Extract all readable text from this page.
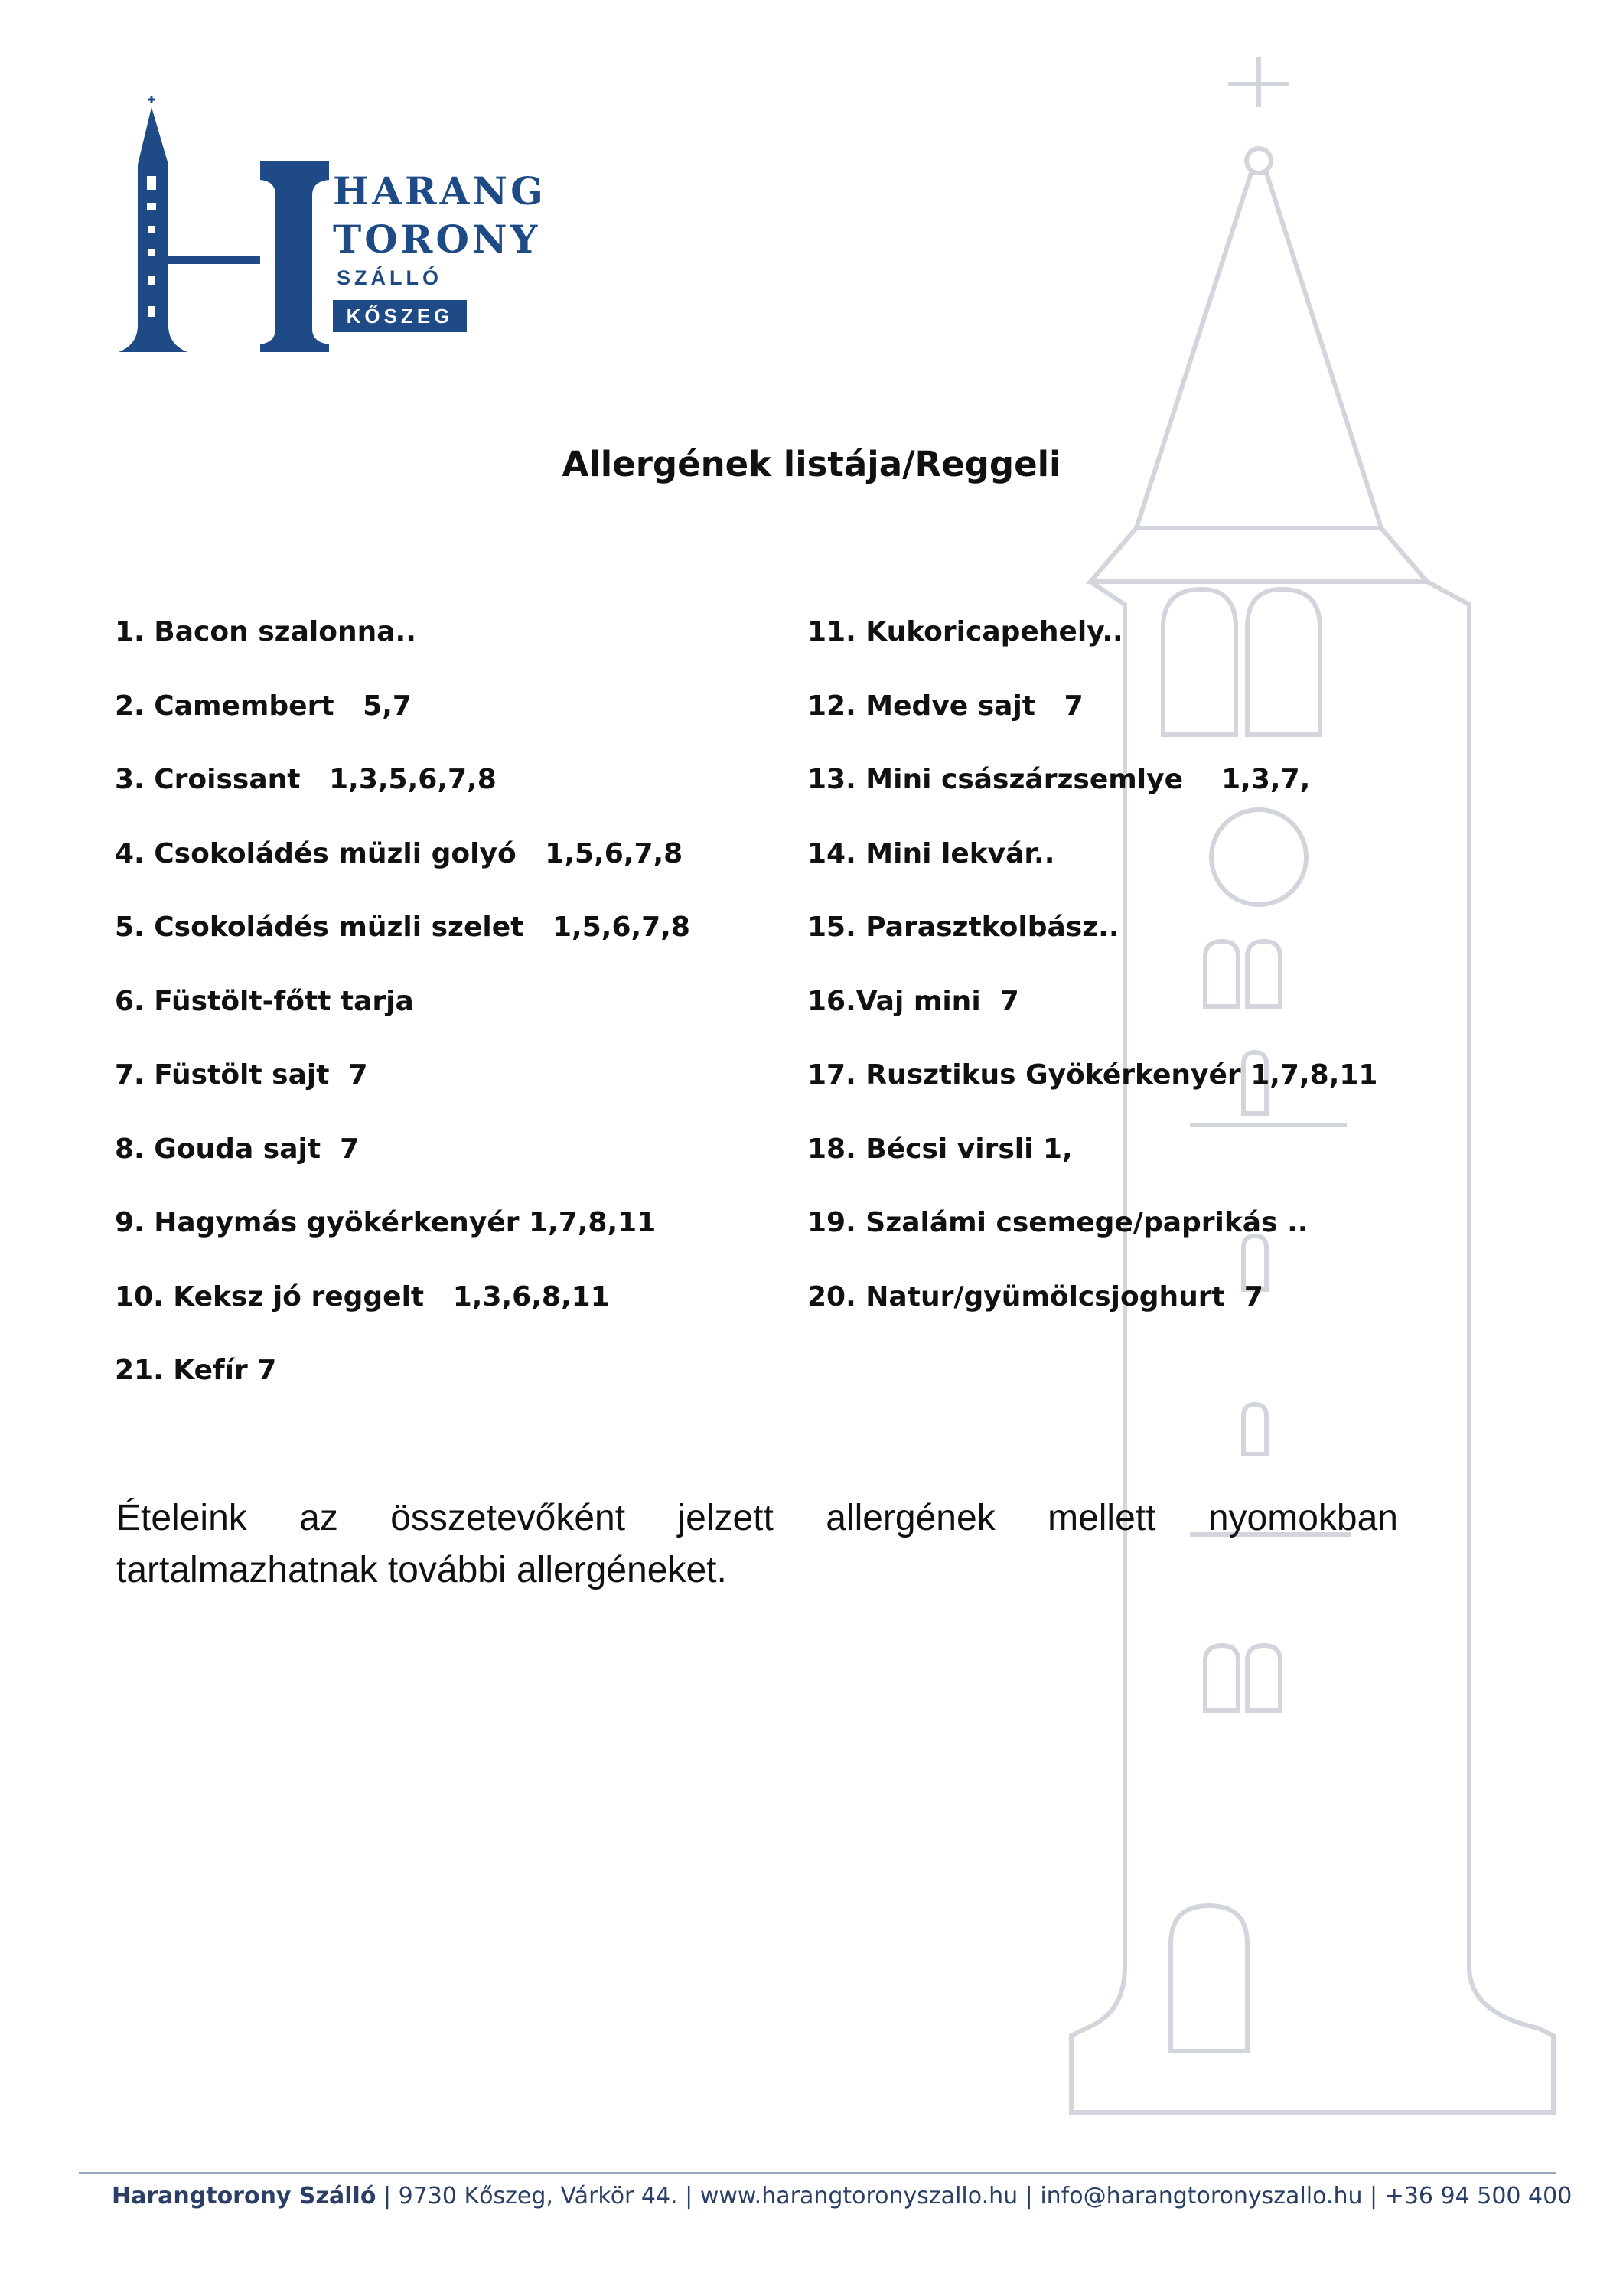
HARANG
TORONY
SZÁLLÓ
KŐSZEG
Allergének listája/Reggeli
1. Bacon szalonna..
2. Camembert   5,7
3. Croissant   1,3,5,6,7,8
4. Csokoládés müzli golyó   1,5,6,7,8
5. Csokoládés müzli szelet   1,5,6,7,8
6. Füstölt-főtt tarja
7. Füstölt sajt  7
8. Gouda sajt  7
9. Hagymás gyökérkenyér 1,7,8,11
10. Keksz jó reggelt   1,3,6,8,11
21. Kefír 7
11. Kukoricapehely..
12. Medve sajt   7
13. Mini császárzsemlye    1,3,7,
14. Mini lekvár..
15. Parasztkolbász..
16.Vaj mini  7
17. Rusztikus Gyökérkenyér 1,7,8,11
18. Bécsi virsli 1,
19. Szalámi csemege/paprikás ..
20. Natur/gyümölcsjoghurt  7

Ételeink az összetevőként jelzett allergének mellett nyomokban tartalmazhatnak további allergéneket.

Harangtorony Szálló | 9730 Kőszeg, Várkör 44. | www.harangtoronyszallo.hu | info@harangtoronyszallo.hu | +36 94 500 400
